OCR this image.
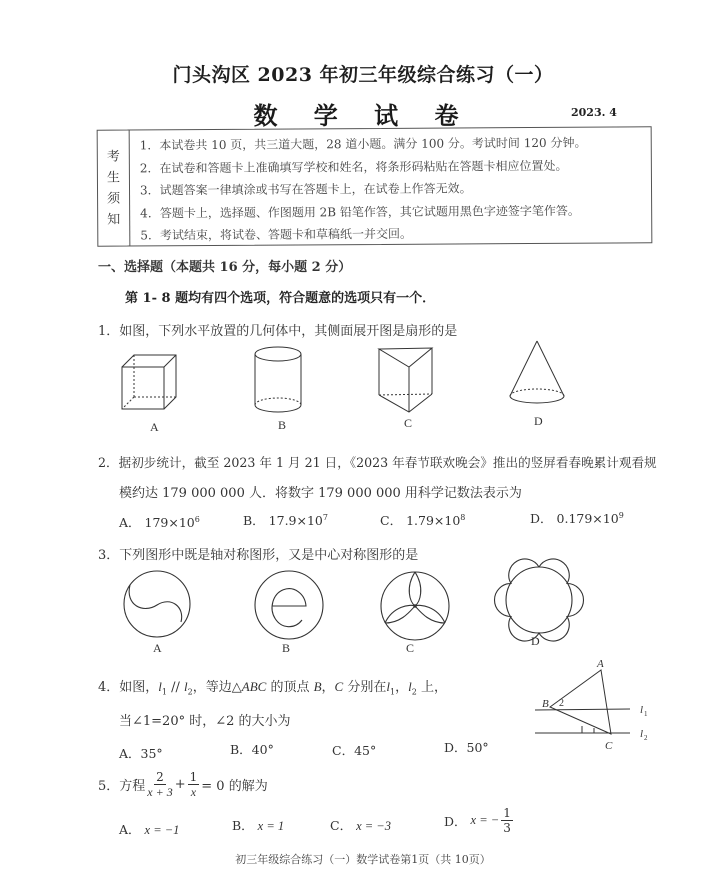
门头沟区 2023 年初三年级综合练习（一）
数 学 试 卷	2023. 4
考
生
须
知
1．本试卷共 10 页，共三道大题，28 道小题。满分 100 分。考试时间 120 分钟。
2．在试卷和答题卡上准确填写学校和姓名，将条形码粘贴在答题卡相应位置处。
3．试题答案一律填涂或书写在答题卡上，在试卷上作答无效。
4．答题卡上，选择题、作图题用 2B 铅笔作答，其它试题用黑色字迹签字笔作答。
5．考试结束，将试卷、答题卡和草稿纸一并交回。
一、选择题（本题共 16 分，每小题 2 分）
第 1- 8 题均有四个选项，符合题意的选项只有一个．
1．如图，下列水平放置的几何体中，其侧面展开图是扇形的是
A	B	C	D
2．据初步统计，截至 2023 年 1 月 21 日，《2023 年春节联欢晚会》推出的竖屏看春晚累计观看规
模约达 179 000 000 人．将数字 179 000 000 用科学记数法表示为
A． $179\times 10^6$	B． $17.9\times 10^7$	C． $1.79\times 10^8$	D． $0.179\times 10^9$
3．下列图形中既是轴对称图形，又是中心对称图形的是
A	B	C	D
4．如图，$l_1 // l_2$，等边△ABC 的顶点 B，C 分别在$l_1$，$l_2$ 上，
当∠1=20° 时，∠2 的大小为
A．35°	B．40°	C．45°	D．50°
A
B 2
C
l 1
l 2
5．方程 $\frac{2}{x + 3} + \frac{1}{x} = 0$ 的解为
A． x = −1	B． x = 1	C． x = −3	D．
x = − $\frac{1}{3}$
初三年级综合练习（一）数学试卷第1页（共 10页）
